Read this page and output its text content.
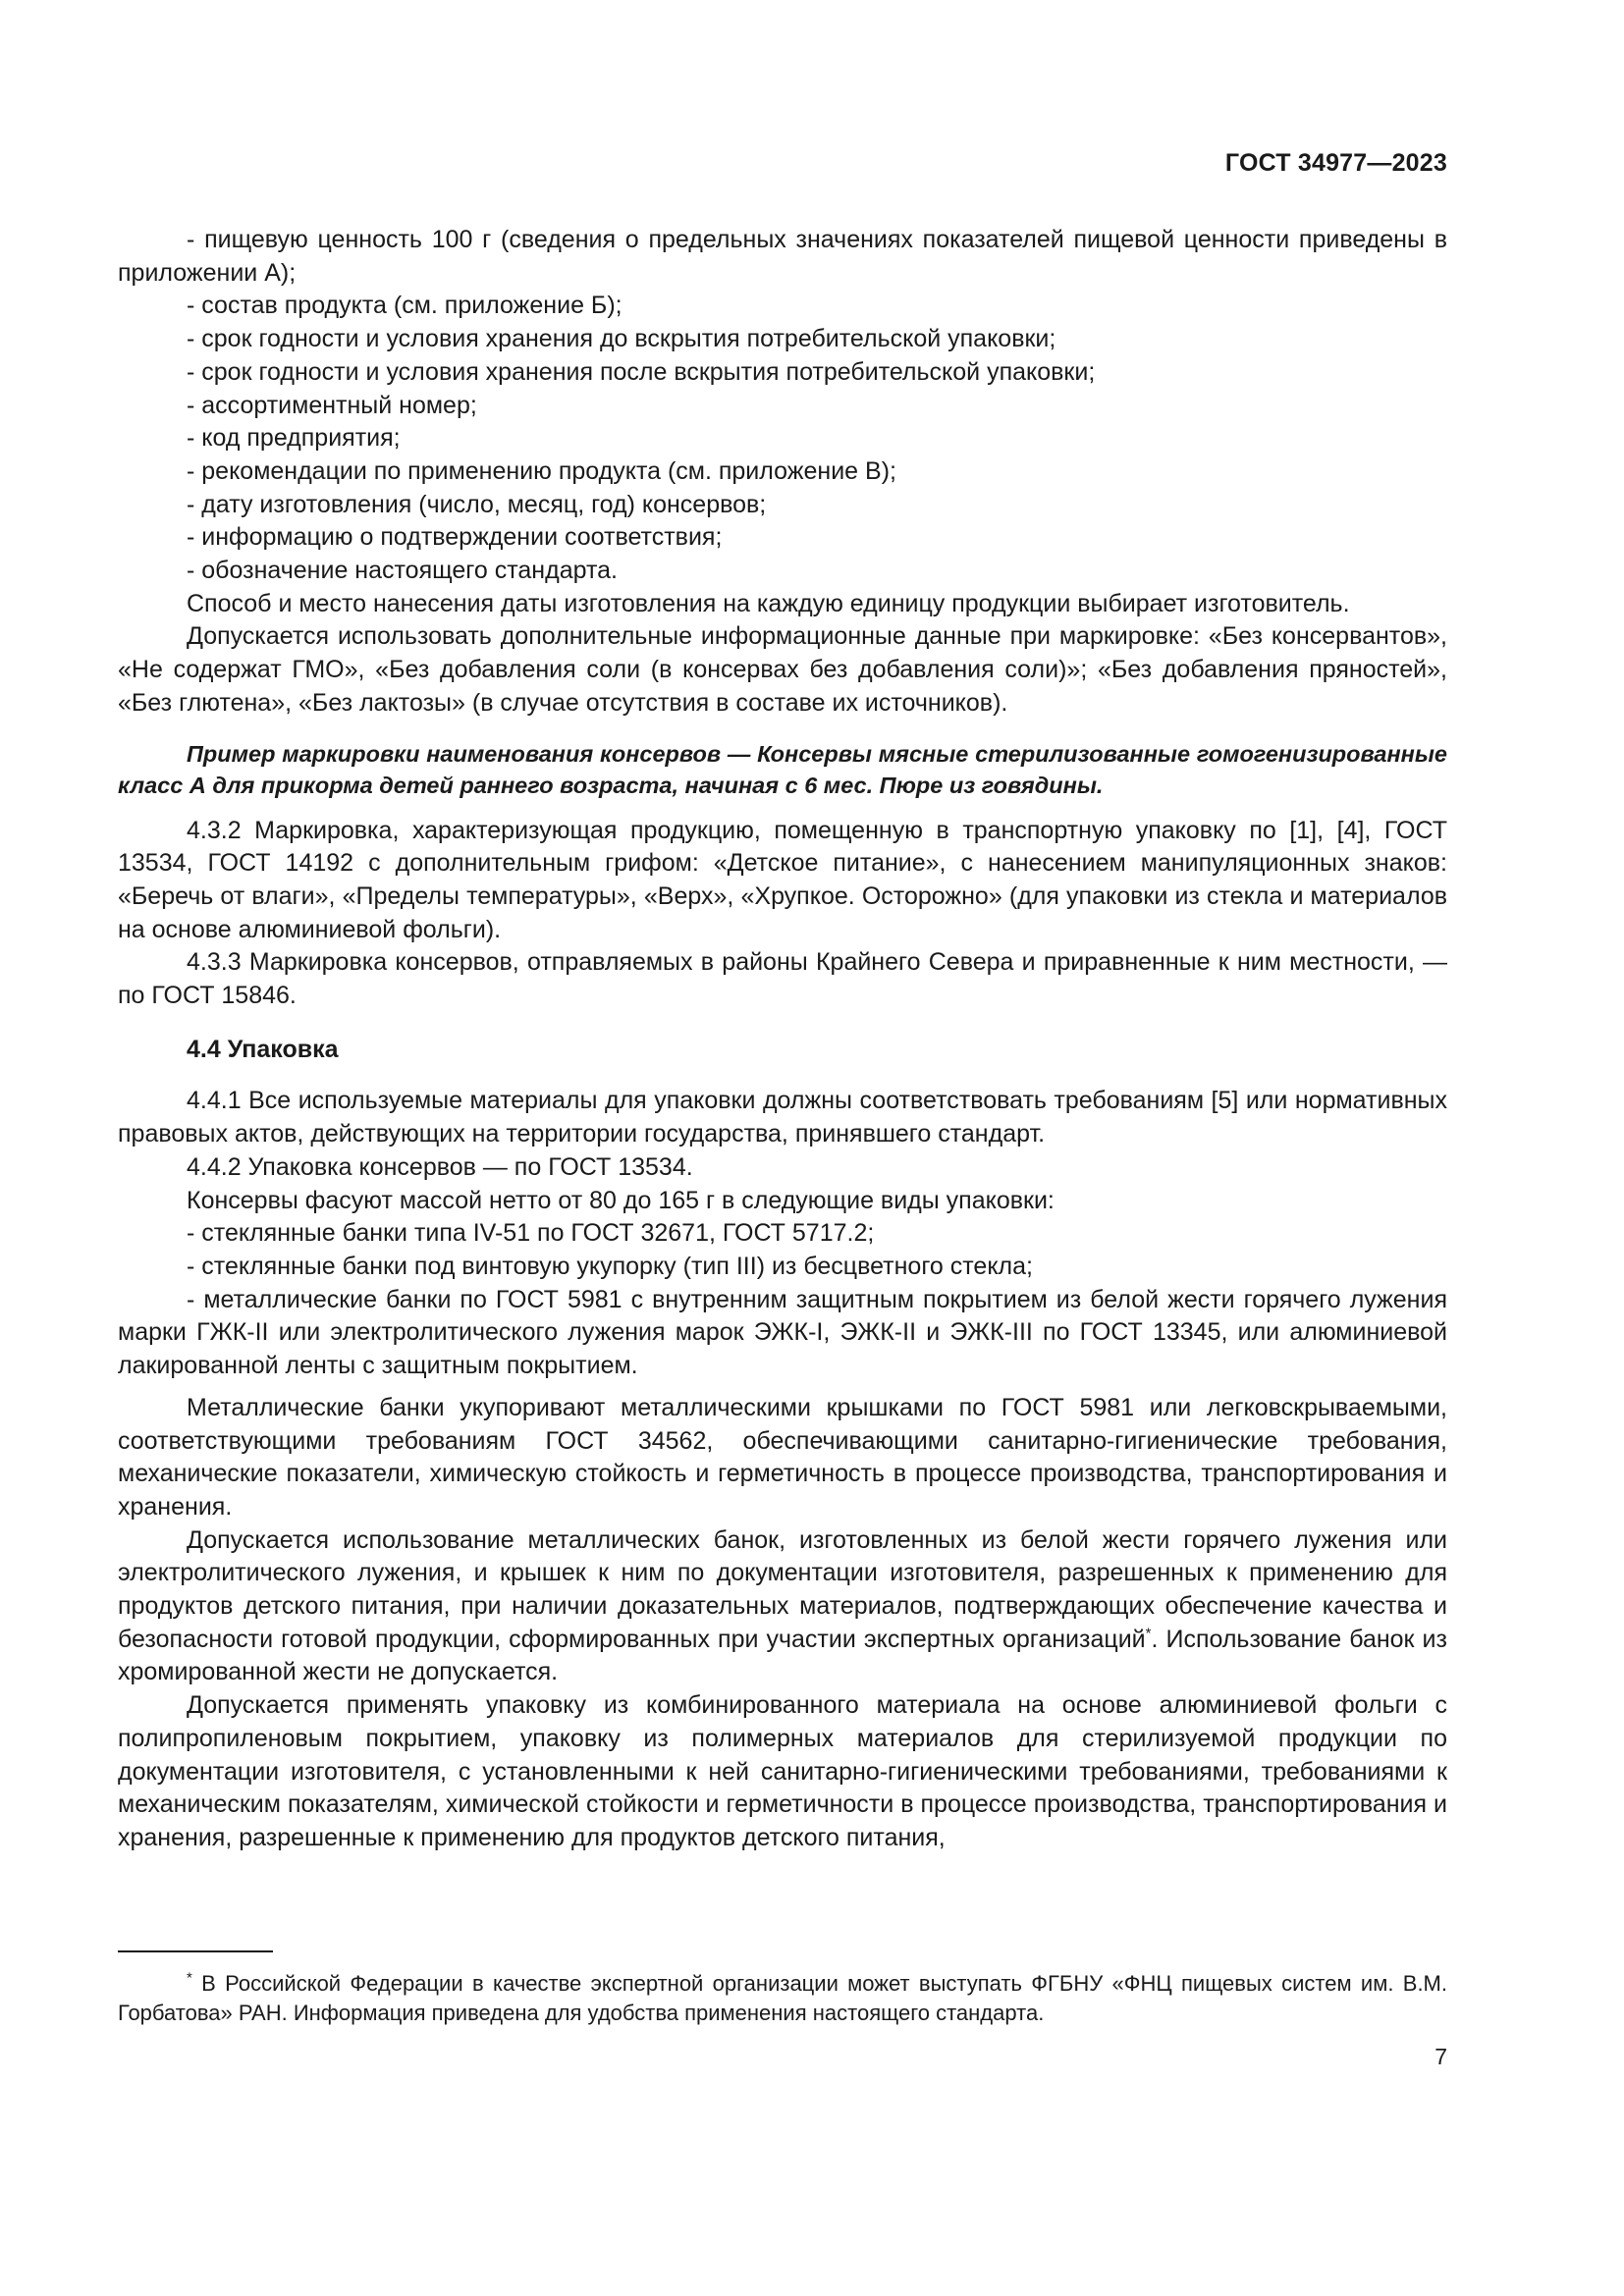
ГОСТ 34977—2023

- пищевую ценность 100 г (сведения о предельных значениях показателей пищевой ценности приведены в приложении А);

- состав продукта (см. приложение Б);

- срок годности и условия хранения до вскрытия потребительской упаковки;

- срок годности и условия хранения после вскрытия потребительской упаковки;

- ассортиментный номер;

- код предприятия;

- рекомендации по применению продукта (см. приложение В);

- дату изготовления (число, месяц, год) консервов;

- информацию о подтверждении соответствия;

- обозначение настоящего стандарта.

Способ и место нанесения даты изготовления на каждую единицу продукции выбирает изготовитель.

Допускается использовать дополнительные информационные данные при маркировке: «Без консервантов», «Не содержат ГМО», «Без добавления соли (в консервах без добавления соли)»; «Без добавления пряностей», «Без глютена», «Без лактозы» (в случае отсутствия в составе их источников).

Пример маркировки наименования консервов — Консервы мясные стерилизованные гомогенизированные класс А для прикорма детей раннего возраста, начиная с 6 мес. Пюре из говядины.

4.3.2 Маркировка, характеризующая продукцию, помещенную в транспортную упаковку по [1], [4], ГОСТ 13534, ГОСТ 14192 с дополнительным грифом: «Детское питание», с нанесением манипуляционных знаков: «Беречь от влаги», «Пределы температуры», «Верх», «Хрупкое. Осторожно» (для упаковки из стекла и материалов на основе алюминиевой фольги).

4.3.3 Маркировка консервов, отправляемых в районы Крайнего Севера и приравненные к ним местности, — по ГОСТ 15846.

4.4 Упаковка

4.4.1 Все используемые материалы для упаковки должны соответствовать требованиям [5] или нормативных правовых актов, действующих на территории государства, принявшего стандарт.

4.4.2 Упаковка консервов — по ГОСТ 13534.

Консервы фасуют массой нетто от 80 до 165 г в следующие виды упаковки:

- стеклянные банки типа IV-51 по ГОСТ 32671, ГОСТ 5717.2;

- стеклянные банки под винтовую укупорку (тип III) из бесцветного стекла;

- металлические банки по ГОСТ 5981 с внутренним защитным покрытием из белой жести горячего лужения марки ГЖК-II или электролитического лужения марок ЭЖК-I, ЭЖК-II и ЭЖК-III по ГОСТ 13345, или алюминиевой лакированной ленты с защитным покрытием.

Металлические банки укупоривают металлическими крышками по ГОСТ 5981 или легковскрываемыми, соответствующими требованиям ГОСТ 34562, обеспечивающими санитарно-гигиенические требования, механические показатели, химическую стойкость и герметичность в процессе производства, транспортирования и хранения.

Допускается использование металлических банок, изготовленных из белой жести горячего лужения или электролитического лужения, и крышек к ним по документации изготовителя, разрешенных к применению для продуктов детского питания, при наличии доказательных материалов, подтверждающих обеспечение качества и безопасности готовой продукции, сформированных при участии экспертных организаций*. Использование банок из хромированной жести не допускается.

Допускается применять упаковку из комбинированного материала на основе алюминиевой фольги с полипропиленовым покрытием, упаковку из полимерных материалов для стерилизуемой продукции по документации изготовителя, с установленными к ней санитарно-гигиеническими требованиями, требованиями к механическим показателям, химической стойкости и герметичности в процессе производства, транспортирования и хранения, разрешенные к применению для продуктов детского питания,

* В Российской Федерации в качестве экспертной организации может выступать ФГБНУ «ФНЦ пищевых систем им. В.М. Горбатова» РАН. Информация приведена для удобства применения настоящего стандарта.

7
